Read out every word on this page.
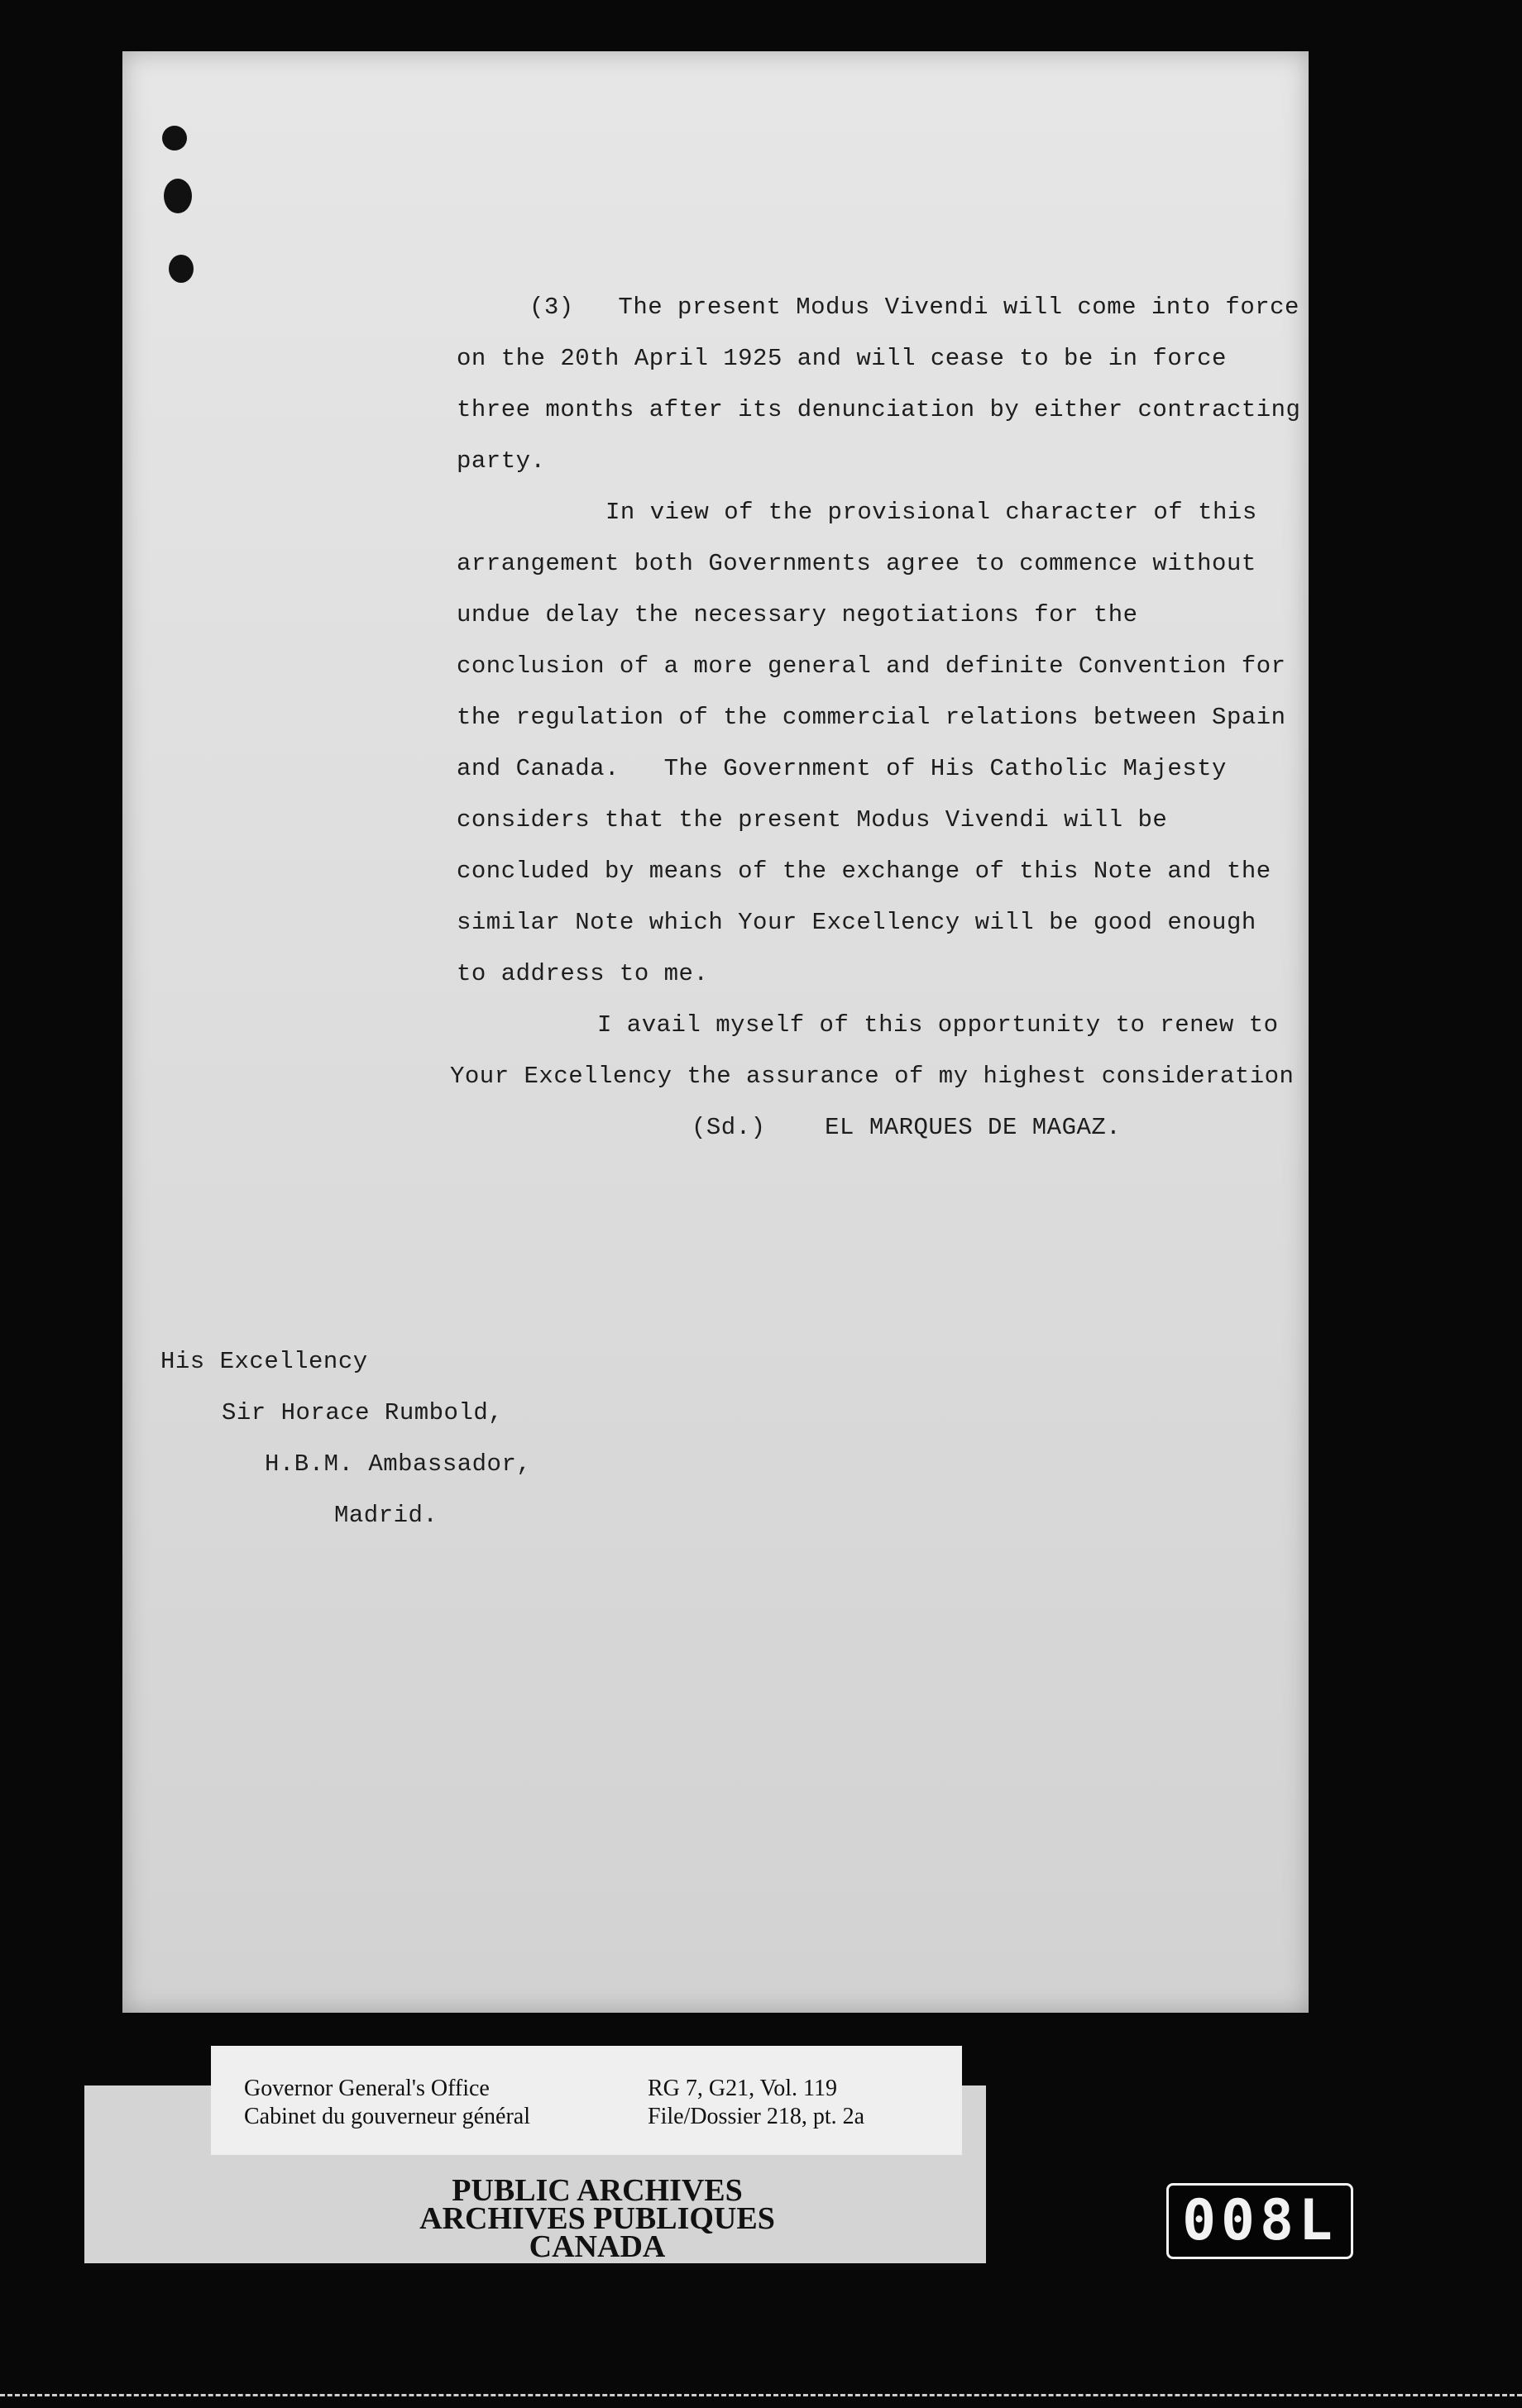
(3)   The present Modus Vivendi will come into force
on the 20th April 1925 and will cease to be in force
three months after its denunciation by either contracting
party.
In view of the provisional character of this
arrangement both Governments agree to commence without
undue delay the necessary negotiations for the
conclusion of a more general and definite Convention for
the regulation of the commercial relations between Spain
and Canada.   The Government of His Catholic Majesty
considers that the present Modus Vivendi will be
concluded by means of the exchange of this Note and the
similar Note which Your Excellency will be good enough
to address to me.
I avail myself of this opportunity to renew to
Your Excellency the assurance of my highest consideration
(Sd.)    EL MARQUES DE MAGAZ.
His Excellency
Sir Horace Rumbold,
H.B.M. Ambassador,
Madrid.
PUBLIC ARCHIVES
ARCHIVES PUBLIQUES
CANADA
Governor General's Office
Cabinet du gouverneur général
RG 7, G21, Vol. 119
File/Dossier 218, pt. 2a
008L
